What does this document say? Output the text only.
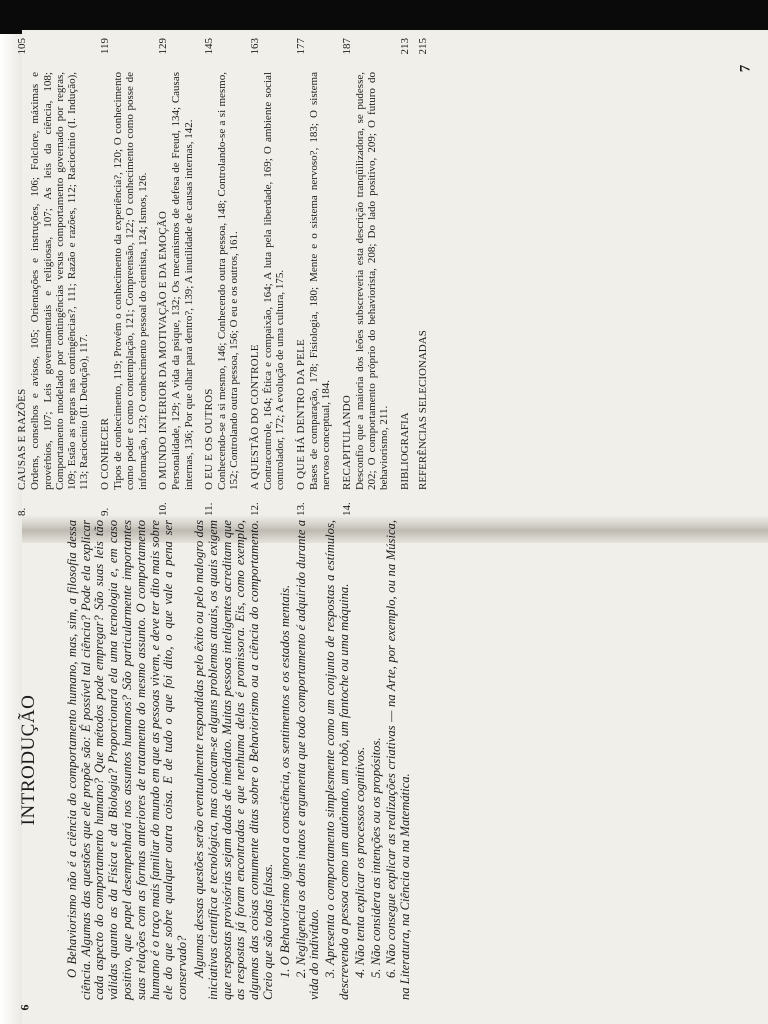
6
7
8.
CAUSAS E RAZÕES
105
Ordens, conselhos e avisos, 105; Orientações e instruções, 106; Folclore, máximas e provérbios, 107; Leis governamentais e religiosas, 107; As leis da ciência, 108; Comportamento modelado por contingências versus comportamento governado por regras, 109; Estão as regras nas contingências?, 111; Razão e razões, 112; Raciocínio (I. Indução), 113; Raciocínio (II. Dedução), 117.
9.
O CONHECER
119
Tipos de conhecimento, 119; Provém o conhecimento da experiência?, 120; O conhecimento como poder e como contemplação, 121; Compreensão, 122; O conhecimento como posse de informação, 123; O conhecimento pessoal do cientista, 124; Ismos, 126.
10.
O MUNDO INTERIOR DA MOTIVAÇÃO E DA EMOÇÃO
129
Personalidade, 129; A vida da psique, 132; Os mecanismos de defesa de Freud, 134; Causas internas, 136; Por que olhar para dentro?, 139; A inutilidade de causas internas, 142.
11.
O EU E OS OUTROS
145
Conhecendo-se a si mesmo, 146; Conhecendo outra pessoa, 148; Controlando-se a si mesmo, 152; Controlando outra pessoa, 156; O eu e os outros, 161.
12.
A QUESTÃO DO CONTROLE
163
Contracontrole, 164; Ética e compaixão, 164; A luta pela liberdade, 169; O ambiente social controlador, 172; A evolução de uma cultura, 175.
13.
O QUE HÁ DENTRO DA PELE
177
Bases de comparação, 178; Fisiologia, 180; Mente e o sistema nervoso?, 183; O sistema nervoso conceptual, 184.
14.
RECAPITULANDO
187
Desconfio que a maioria dos leões subscreveria esta descrição tranqüilizadora, se pudesse, 202; O comportamento próprio do behaviorista, 208; Do lado positivo, 209; O futuro do behaviorismo, 211. BIBLIOGRAFIA
213
REFERÊNCIAS SELECIONADAS
215
INTRODUÇÃO O Behaviorismo não é a ciência do comportamento humano, mas, sim, a filosofia dessa ciência. Algumas das questões que ele propõe são: É possível tal ciência? Pode ela explicar cada aspecto do comportamento humano? Que métodos pode empregar? São suas leis tão válidas quanto as da Física e da Biologia? Proporcionará ela uma tecnologia e, em caso positivo, que papel desempenhará nos assuntos humanos? São particularmente importantes suas relações com as formas anteriores de tratamento do mesmo assunto. O comportamento humano é o traço mais familiar do mundo em que as pessoas vivem, e deve ter dito mais sobre ele do que sobre qualquer outra coisa. E de tudo o que foi dito, o que vale a pena ser conservado? Algumas dessas questões serão eventualmente respondidas pelo êxito ou pelo malogro das iniciativas científica e tecnológica, mas colocam-se alguns problemas atuais, os quais exigem que respostas provisórias sejam dadas de imediato. Muitas pessoas inteligentes acreditam que as respostas já foram encontradas e que nenhuma delas é promissora. Eis, como exemplo, algumas das coisas comumente ditas sobre o Behaviorismo ou a ciência do comportamento. Creio que são todas falsas. 1. O Behaviorismo ignora a consciência, os sentimentos e os estados mentais. 2. Negligencia os dons inatos e argumenta que todo comportamento é adquirido durante a vida do indivíduo. 3. Apresenta o comportamento simplesmente como um conjunto de respostas a estímulos, descrevendo a pessoa como um autômato, um robô, um fantoche ou uma máquina. 4. Não tenta explicar os processos cognitivos. 5. Não considera as intenções ou os propósitos. 6. Não consegue explicar as realizações criativas — na Arte, por exemplo, ou na Música, na Literatura, na Ciência ou na Matemática.
